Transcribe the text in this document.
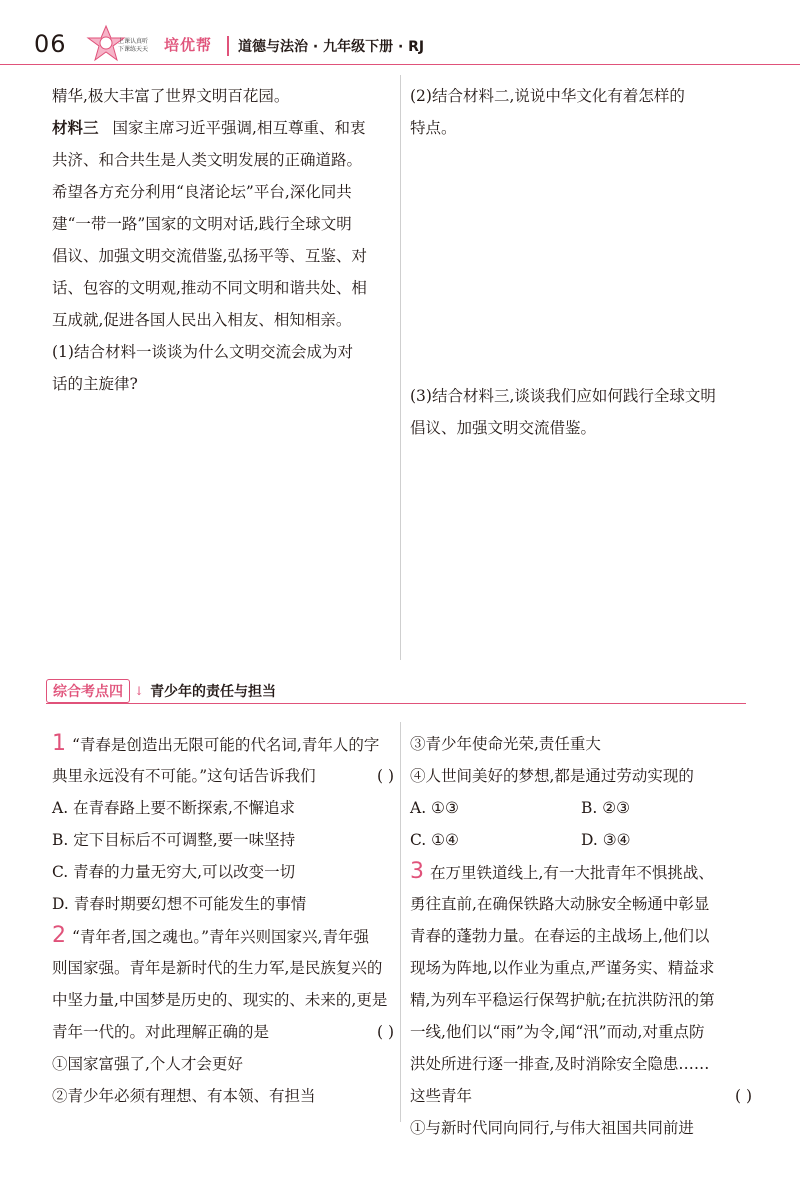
06	上课认真听
下课练天天 培优帮 道德与法治 · 九年级下册 · RJ
精华,极大丰富了世界文明百花园。
材料三 国家主席习近平强调,相互尊重、和衷
共济、和合共生是人类文明发展的正确道路。
希望各方充分利用“良渚论坛”平台,深化同共
建“一带一路”国家的文明对话,践行全球文明
倡议、加强文明交流借鉴,弘扬平等、互鉴、对
话、包容的文明观,推动不同文明和谐共处、相
互成就,促进各国人民出入相友、相知相亲。
(1)结合材料一谈谈为什么文明交流会成为对
话的主旋律?
(2)结合材料二,说说中华文化有着怎样的
特点。
(3)结合材料三,谈谈我们应如何践行全球文明
倡议、加强文明交流借鉴。
综合考点四 ↓ 青少年的责任与担当
1 “青春是创造出无限可能的代名词,青年人的字
典里永远没有不可能。”这句话告诉我们	( )
A. 在青春路上要不断探索,不懈追求
B. 定下目标后不可调整,要一味坚持
C. 青春的力量无穷大,可以改变一切
D. 青春时期要幻想不可能发生的事情
2 “青年者,国之魂也。”青年兴则国家兴,青年强
则国家强。青年是新时代的生力军,是民族复兴的
中坚力量,中国梦是历史的、现实的、未来的,更是
青年一代的。对此理解正确的是	( )
①国家富强了,个人才会更好
②青少年必须有理想、有本领、有担当
③青少年使命光荣,责任重大
④人世间美好的梦想,都是通过劳动实现的
A. ①③	B. ②③
C. ①④	D. ③④
3 在万里铁道线上,有一大批青年不惧挑战、
勇往直前,在确保铁路大动脉安全畅通中彰显
青春的蓬勃力量。在春运的主战场上,他们以
现场为阵地,以作业为重点,严谨务实、精益求
精,为列车平稳运行保驾护航;在抗洪防汛的第
一线,他们以“雨”为令,闻“汛”而动,对重点防
洪处所进行逐一排查,及时消除安全隐患……
这些青年	( )
①与新时代同向同行,与伟大祖国共同前进
